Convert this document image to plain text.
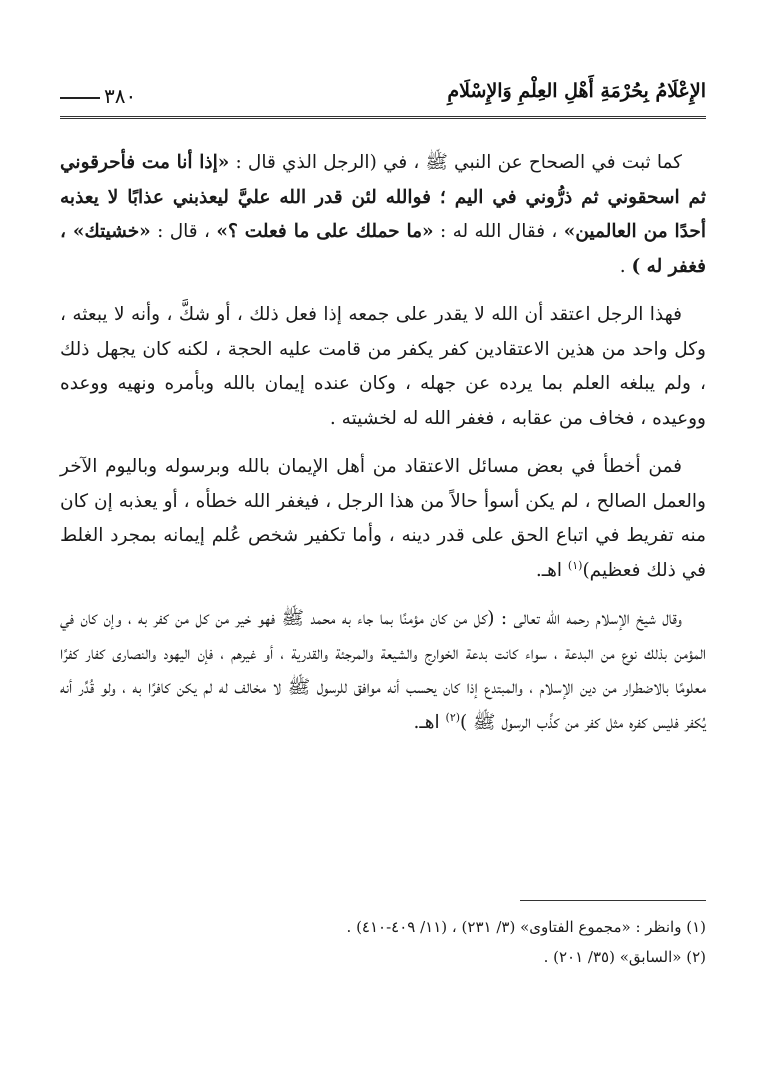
الإِعْلَامُ بِحُرْمَةِ أَهْلِ العِلْمِ وَالإِسْلَامِ
٣٨٠

كما ثبت في الصحاح عن النبي ﷺ ، في (الرجل الذي قال : «إذا أنا مت فأحرقوني ثم اسحقوني ثم ذرُّوني في اليم ؛ فوالله لئن قدر الله عليَّ ليعذبني عذابًا لا يعذبه أحدًا من العالمين» ، فقال الله له : «ما حملك على ما فعلت ؟» ، قال : «خشيتك» ، فغفر له ) .

فهذا الرجل اعتقد أن الله لا يقدر على جمعه إذا فعل ذلك ، أو شكَّ ، وأنه لا يبعثه ، وكل واحد من هذين الاعتقادين كفر يكفر من قامت عليه الحجة ، لكنه كان يجهل ذلك ، ولم يبلغه العلم بما يرده عن جهله ، وكان عنده إيمان بالله وبأمره ونهيه ووعده ووعيده ، فخاف من عقابه ، فغفر الله له لخشيته .

فمن أخطأ في بعض مسائل الاعتقاد من أهل الإيمان بالله وبرسوله وباليوم الآخر والعمل الصالح ، لم يكن أسوأ حالاً من هذا الرجل ، فيغفر الله خطأه ، أو يعذبه إن كان منه تفريط في اتباع الحق على قدر دينه ، وأما تكفير شخص عُلم إيمانه بمجرد الغلط في ذلك فعظيم)$^{(١)}$ اهـ.

وقال شيخ الإسلام رحمه الله تعالى : (كل من كان مؤمنًا بما جاء به محمد ﷺ فهو خير من كل من كفر به ، وإن كان في المؤمن بذلك نوع من البدعة ، سواء كانت بدعة الخوارج والشيعة والمرجئة والقدرية ، أو غيرهم ، فإن اليهود والنصارى كفار كفرًا معلومًا بالاضطرار من دين الإسلام ، والمبتدع إذا كان يحسب أنه موافق للرسول ﷺ لا مخالف له لم يكن كافرًا به ، ولو قُدِّر أنه يُكفر فليس كفره مثل كفر من كذَّب الرسول ﷺ )$^{(٢)}$ اهـ.

(١) وانظر : «مجموع الفتاوى» (٣/ ٢٣١) ، (١١/ ٤٠٩-٤١٠) .
(٢) «السابق» (٣٥/ ٢٠١) .
